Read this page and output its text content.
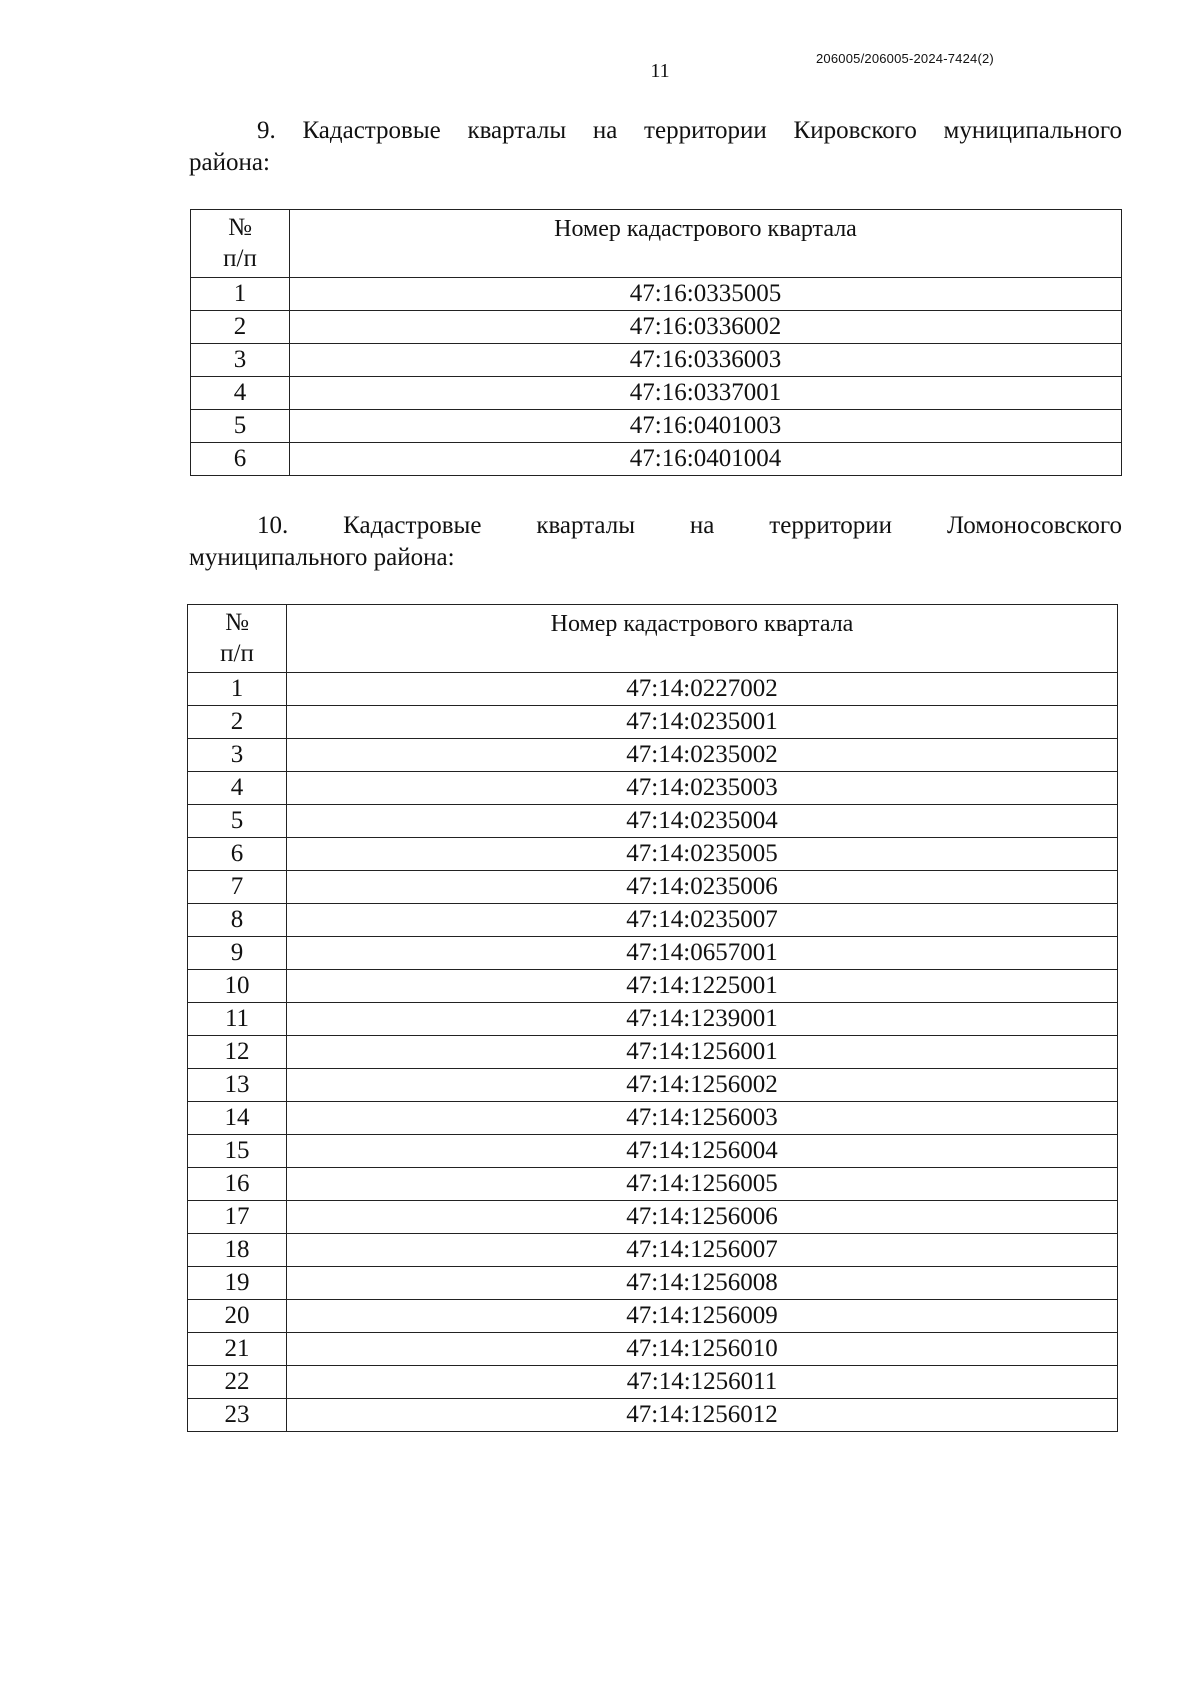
11
206005/206005-2024-7424(2)
9. Кадастровые кварталы на территории Кировского муниципального
района:
№
п/п	Номер кадастрового квартала
1	47:16:0335005
2	47:16:0336002
3	47:16:0336003
4	47:16:0337001
5	47:16:0401003
6	47:16:0401004
10. Кадастровые кварталы на территории Ломоносовского
муниципального района:
№
п/п	Номер кадастрового квартала
1	47:14:0227002
2	47:14:0235001
3	47:14:0235002
4	47:14:0235003
5	47:14:0235004
6	47:14:0235005
7	47:14:0235006
8	47:14:0235007
9	47:14:0657001
10	47:14:1225001
11	47:14:1239001
12	47:14:1256001
13	47:14:1256002
14	47:14:1256003
15	47:14:1256004
16	47:14:1256005
17	47:14:1256006
18	47:14:1256007
19	47:14:1256008
20	47:14:1256009
21	47:14:1256010
22	47:14:1256011
23	47:14:1256012
